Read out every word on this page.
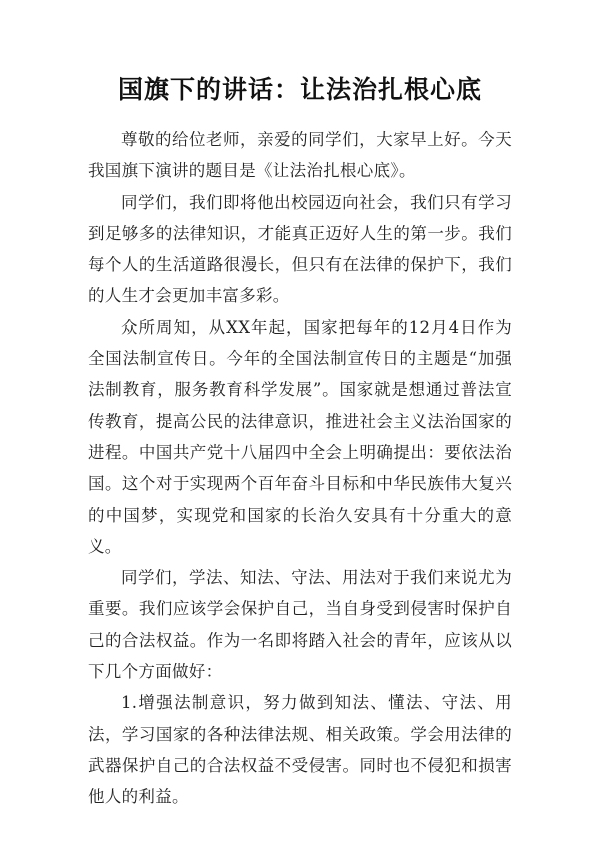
国旗下的讲话：让法治扎根心底

尊敬的给位老师，亲爱的同学们，大家早上好。今天我国旗下演讲的题目是《让法治扎根心底》。

同学们，我们即将他出校园迈向社会，我们只有学习到足够多的法律知识，才能真正迈好人生的第一步。我们每个人的生活道路很漫长，但只有在法律的保护下，我们的人生才会更加丰富多彩。

众所周知，从XX年起，国家把每年的12月4日作为全国法制宣传日。今年的全国法制宣传日的主题是“加强法制教育，服务教育科学发展”。国家就是想通过普法宣传教育，提高公民的法律意识，推进社会主义法治国家的进程。中国共产党十八届四中全会上明确提出：要依法治国。这个对于实现两个百年奋斗目标和中华民族伟大复兴的中国梦，实现党和国家的长治久安具有十分重大的意义。

同学们，学法、知法、守法、用法对于我们来说尤为重要。我们应该学会保护自己，当自身受到侵害时保护自己的合法权益。作为一名即将踏入社会的青年，应该从以下几个方面做好：

1.增强法制意识，努力做到知法、懂法、守法、用法，学习国家的各种法律法规、相关政策。学会用法律的武器保护自己的合法权益不受侵害。同时也不侵犯和损害他人的利益。
